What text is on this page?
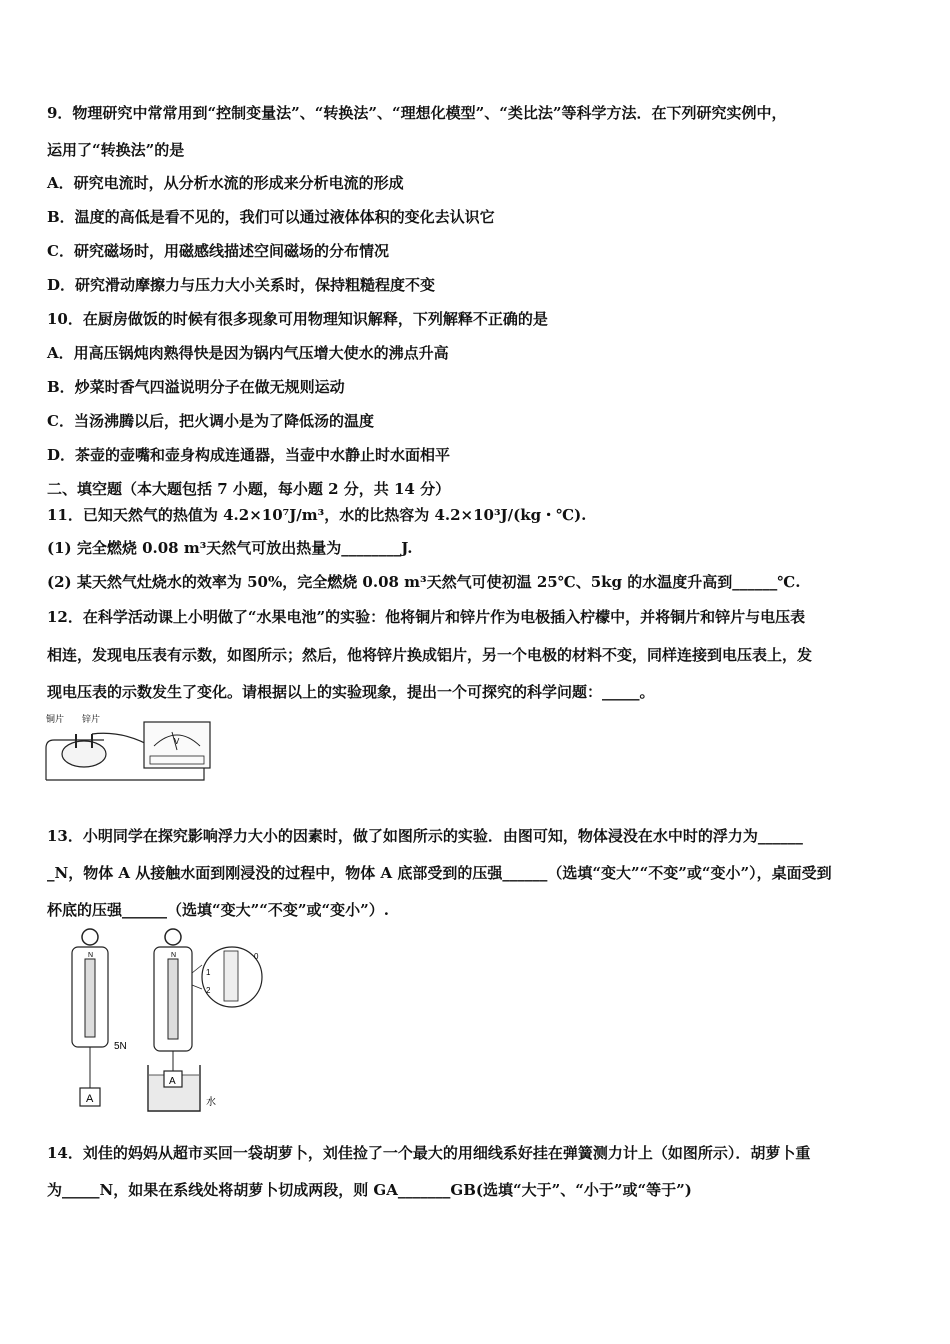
9．物理研究中常常用到“控制变量法”、“转换法”、“理想化模型”、“类比法”等科学方法．在下列研究实例中，
运用了“转换法”的是
A．研究电流时，从分析水流的形成来分析电流的形成
B．温度的高低是看不见的，我们可以通过液体体积的变化去认识它
C．研究磁场时，用磁感线描述空间磁场的分布情况
D．研究滑动摩擦力与压力大小关系时，保持粗糙程度不变
10．在厨房做饭的时候有很多现象可用物理知识解释，下列解释不正确的是
A．用高压锅炖肉熟得快是因为锅内气压增大使水的沸点升高
B．炒菜时香气四溢说明分子在做无规则运动
C．当汤沸腾以后，把火调小是为了降低汤的温度
D．茶壶的壶嘴和壶身构成连通器，当壶中水静止时水面相平
二、填空题（本大题包括 7 小题，每小题 2 分，共 14 分）
11．已知天然气的热值为 4.2×10⁷J/m³，水的比热容为 4.2×10³J/(kg・℃).
(1) 完全燃烧 0.08 m³天然气可放出热量为________J.
(2) 某天然气灶烧水的效率为 50%，完全燃烧 0.08 m³天然气可使初温 25℃、5kg 的水温度升高到______℃.
12．在科学活动课上小明做了“水果电池”的实验：他将铜片和锌片作为电极插入柠檬中，并将铜片和锌片与电压表
相连，发现电压表有示数，如图所示；然后，他将锌片换成铝片，另一个电极的材料不变，同样连接到电压表上，发
现电压表的示数发生了变化。请根据以上的实验现象，提出一个可探究的科学问题：_____。
铜片 锌片
V
13．小明同学在探究影响浮力大小的因素时，做了如图所示的实验．由图可知，物体浸没在水中时的浮力为______
_N，物体 A 从接触水面到刚浸没的过程中，物体 A 底部受到的压强______（选填“变大”“不变”或“变小”），桌面受到
杯底的压强______（选填“变大”“不变”或“变小”）.
N
5N
A
N
1
2
0
A
水
14．刘佳的妈妈从超市买回一袋胡萝卜，刘佳捡了一个最大的用细线系好挂在弹簧测力计上（如图所示）．胡萝卜重
为_____N，如果在系线处将胡萝卜切成两段，则 GA_______GB(选填“大于”、“小于”或“等于”)
